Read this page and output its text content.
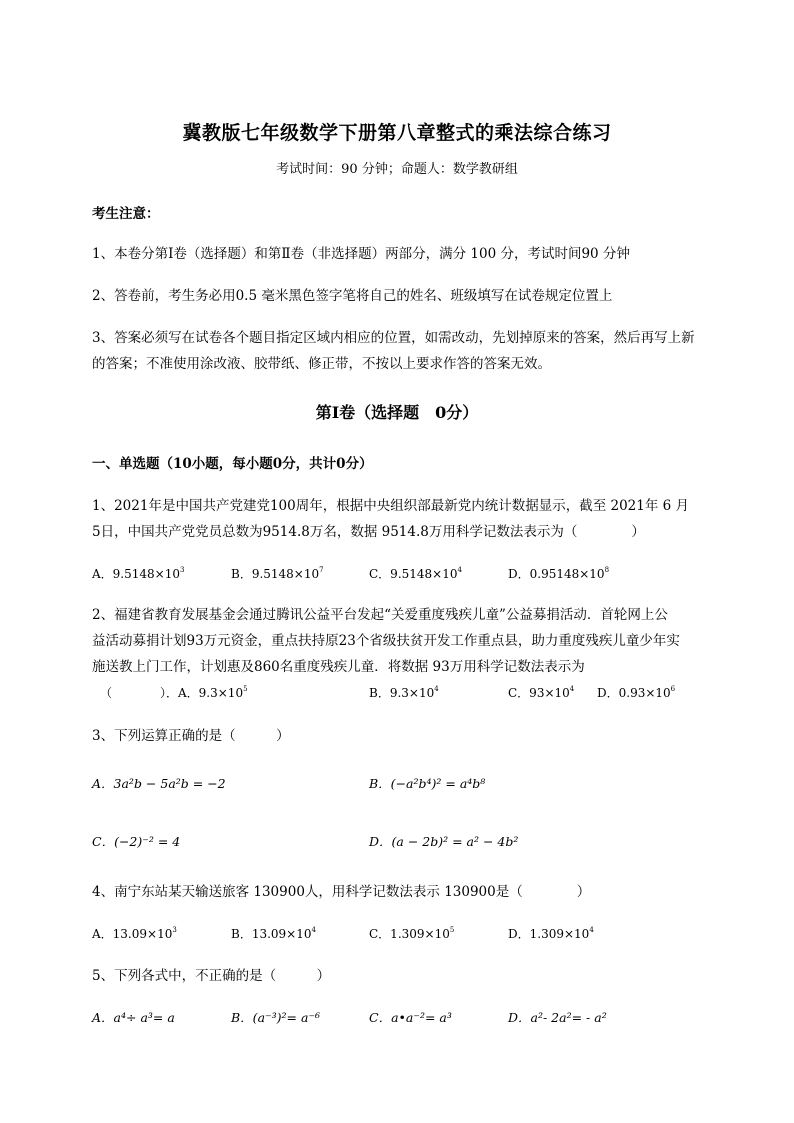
冀教版七年级数学下册第八章整式的乘法综合练习
考试时间：90 分钟；命题人：数学教研组
考生注意：
1、本卷分第Ⅰ卷（选择题）和第Ⅱ卷（非选择题）两部分，满分 100 分，考试时间90 分钟
2、答卷前，考生务必用0.5 毫米黑色签字笔将自己的姓名、班级填写在试卷规定位置上
3、答案必须写在试卷各个题目指定区域内相应的位置，如需改动，先划掉原来的答案，然后再写上新
的答案；不准使用涂改液、胶带纸、修正带，不按以上要求作答的答案无效。
第Ⅰ卷（选择题　0分）
一、单选题（10小题，每小题0分，共计0分）
1、2021年是中国共产党建党100周年，根据中央组织部最新党内统计数据显示，截至 2021年 6 月
5日，中国共产党党员总数为9514.8万名，数据 9514.8万用科学记数法表示为（　　　　）
A．$9.5148\times 10^3$	B．$9.5148\times 10^7$	C．$9.5148\times 10^4$	D．$0.95148\times 10^8$
2、福建省教育发展基金会通过腾讯公益平台发起“关爱重度残疾儿童”公益募捐活动．首轮网上公
益活动募捐计划93万元资金，重点扶持原23个省级扶贫开发工作重点县，助力重度残疾儿童少年实
施送教上门工作，计划惠及860名重度残疾儿童．将数据 93万用科学记数法表示为
（　　　　）．A．$9.3\times 10^5$	B．$9.3\times 10^4$	C．$93\times 10^4$ D．$0.93\times 10^6$
3、下列运算正确的是（　　　）
A．3a²b − 5a²b = −2	B．(−a²b⁴)² = a⁴b⁸
C．(−2)⁻² = 4	D．(a − 2b)² = a² − 4b²
4、南宁东站某天输送旅客 130900人，用科学记数法表示 130900是（　　　　）
A．$13.09\times 10^3$	B．$13.09\times 10^4$	C．$1.309\times 10^5$	D．$1.309\times 10^4$
5、下列各式中，不正确的是（　　　）
A．a⁴÷ a³= a	B．(a⁻³)²= a⁻⁶	C．a•a⁻²= a³	D．a²- 2a²= - a²
